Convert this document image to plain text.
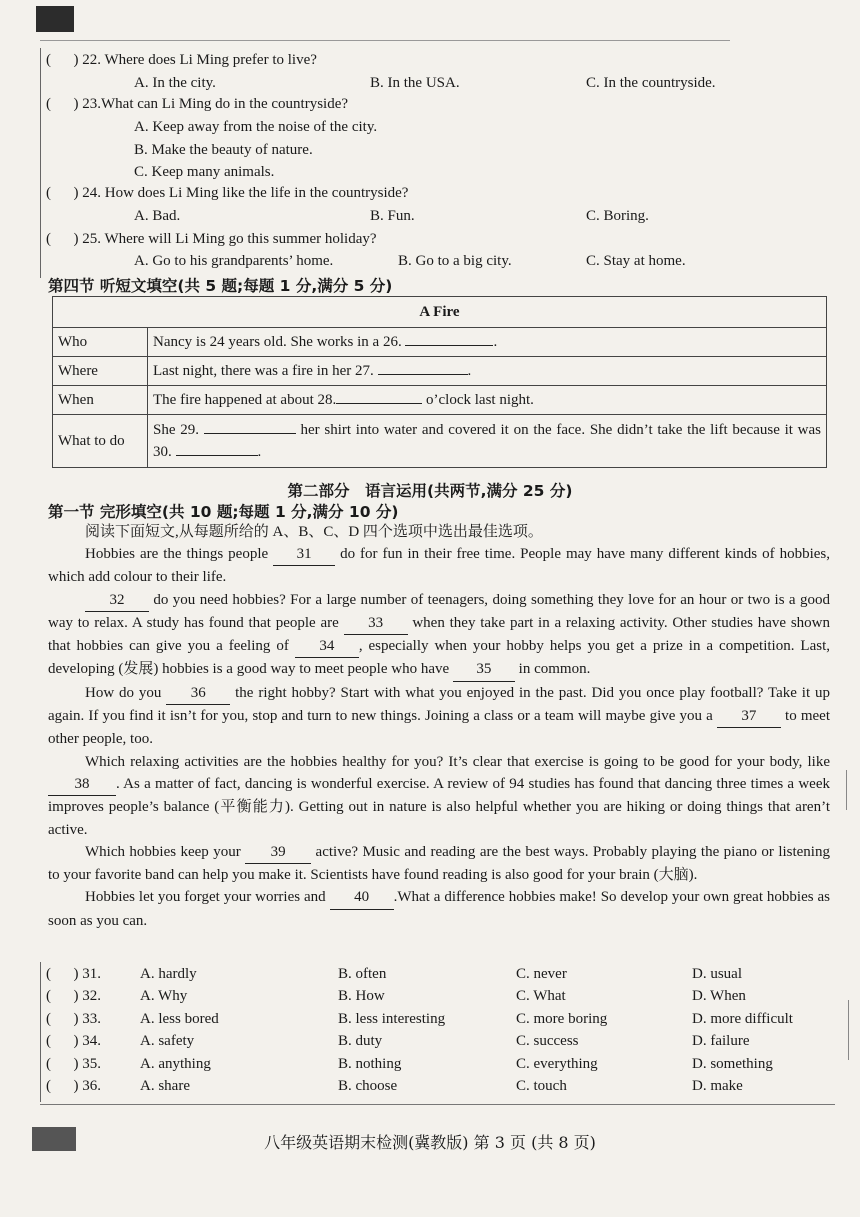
(      ) 22. Where does Li Ming prefer to live?
A. In the city.	B. In the USA.	C. In the countryside.
(      ) 23.What can Li Ming do in the countryside?
A. Keep away from the noise of the city.
B. Make the beauty of nature.
C. Keep many animals.
(      ) 24. How does Li Ming like the life in the countryside?
A. Bad.	B. Fun.	C. Boring.
(      ) 25. Where will Li Ming go this summer holiday?
A. Go to his grandparents’ home.	B. Go to a big city.	C. Stay at home.
第四节 听短文填空(共 5 题;每题 1 分,满分 5 分)
A Fire	
Who	Nancy is 24 years old. She works in a 26. .
Where	Last night, there was a fire in her 27. .
When	The fire happened at about 28. o’clock last night.
What to do	She 29. her shirt into water and covered it on the face. She didn’t take the lift because it was 30. .
第二部分　语言运用(共两节,满分 25 分)
第一节 完形填空(共 10 题;每题 1 分,满分 10 分)
阅读下面短文,从每题所给的 A、B、C、D 四个选项中选出最佳选项。
Hobbies are the things people 31 do for fun in their free time. People may have many different kinds of hobbies, which add colour to their life.
32 do you need hobbies? For a large number of teenagers, doing something they love for an hour or two is a good way to relax. A study has found that people are 33 when they take part in a relaxing activity. Other studies have shown that hobbies can give you a feeling of 34 , especially when your hobby helps you get a prize in a competition. Last, developing (发展) hobbies is a good way to meet people who have 35 in common.
How do you 36 the right hobby? Start with what you enjoyed in the past. Did you once play football? Take it up again. If you find it isn’t for you, stop and turn to new things. Joining a class or a team will maybe give you a 37 to meet other people, too.
Which relaxing activities are the hobbies healthy for you? It’s clear that exercise is going to be good for your body, like 38 . As a matter of fact, dancing is wonderful exercise. A review of 94 studies has found that dancing three times a week improves people’s balance (平衡能力). Getting out in nature is also helpful whether you are hiking or doing things that aren’t active.
Which hobbies keep your 39 active? Music and reading are the best ways. Probably playing the piano or listening to your favorite band can help you make it. Scientists have found reading is also good for your brain (大脑).
Hobbies let you forget your worries and 40 .What a difference hobbies make! So develop your own great hobbies as soon as you can.
(      ) 31.	A. hardly	B. often	C. never	D. usual
(      ) 32.	A. Why	B. How	C. What	D. When
(      ) 33.	A. less bored	B. less interesting	C. more boring	D. more difficult
(      ) 34.	A. safety	B. duty	C. success	D. failure
(      ) 35.	A. anything	B. nothing	C. everything	D. something
(      ) 36.	A. share	B. choose	C. touch	D. make
八年级英语期末检测(冀教版) 第 3 页 (共 8 页)
